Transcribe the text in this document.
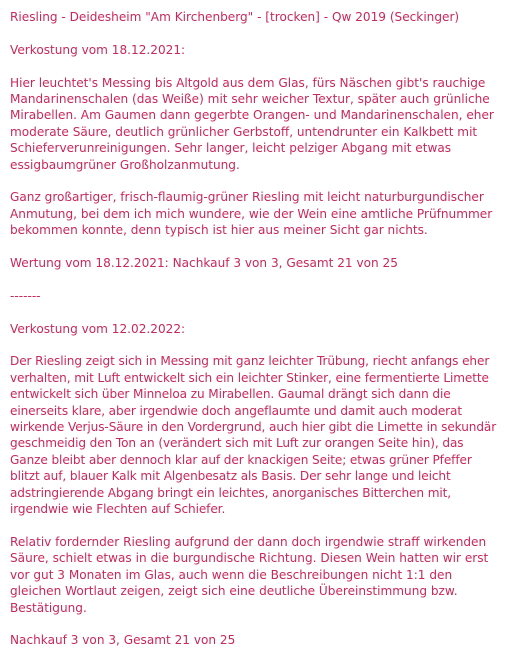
Riesling - Deidesheim "Am Kirchenberg" - [trocken] - Qw 2019 (Seckinger)

Verkostung vom 18.12.2021:

Hier leuchtet's Messing bis Altgold aus dem Glas, fürs Näschen gibt's rauchige Mandarinenschalen (das Weiße) mit sehr weicher Textur, später auch grünliche Mirabellen. Am Gaumen dann gegerbte Orangen- und Mandarinenschalen, eher moderate Säure, deutlich grünlicher Gerbstoff, untendrunter ein Kalkbett mit Schieferverunreinigungen. Sehr langer, leicht pelziger Abgang mit etwas essigbaumgrüner Großholzanmutung.

Ganz großartiger, frisch-flaumig-grüner Riesling mit leicht naturburgundischer Anmutung, bei dem ich mich wundere, wie der Wein eine amtliche Prüfnummer bekommen konnte, denn typisch ist hier aus meiner Sicht gar nichts.

Wertung vom 18.12.2021: Nachkauf 3 von 3, Gesamt 21 von 25

-------

Verkostung vom 12.02.2022:

Der Riesling zeigt sich in Messing mit ganz leichter Trübung, riecht anfangs eher verhalten, mit Luft entwickelt sich ein leichter Stinker, eine fermentierte Limette entwickelt sich über Minneloa zu Mirabellen. Gaumal drängt sich dann die einerseits klare, aber irgendwie doch angeflaumte und damit auch moderat wirkende Verjus-Säure in den Vordergrund, auch hier gibt die Limette in sekundär geschmeidig den Ton an (verändert sich mit Luft zur orangen Seite hin), das Ganze bleibt aber dennoch klar auf der knackigen Seite; etwas grüner Pfeffer blitzt auf, blauer Kalk mit Algenbesatz als Basis. Der sehr lange und leicht adstringierende Abgang bringt ein leichtes, anorganisches Bitterchen mit, irgendwie wie Flechten auf Schiefer.

Relativ fordernder Riesling aufgrund der dann doch irgendwie straff wirkenden Säure, schielt etwas in die burgundische Richtung. Diesen Wein hatten wir erst vor gut 3 Monaten im Glas, auch wenn die Beschreibungen nicht 1:1 den gleichen Wortlaut zeigen, zeigt sich eine deutliche Übereinstimmung bzw. Bestätigung.

Nachkauf 3 von 3, Gesamt 21 von 25
